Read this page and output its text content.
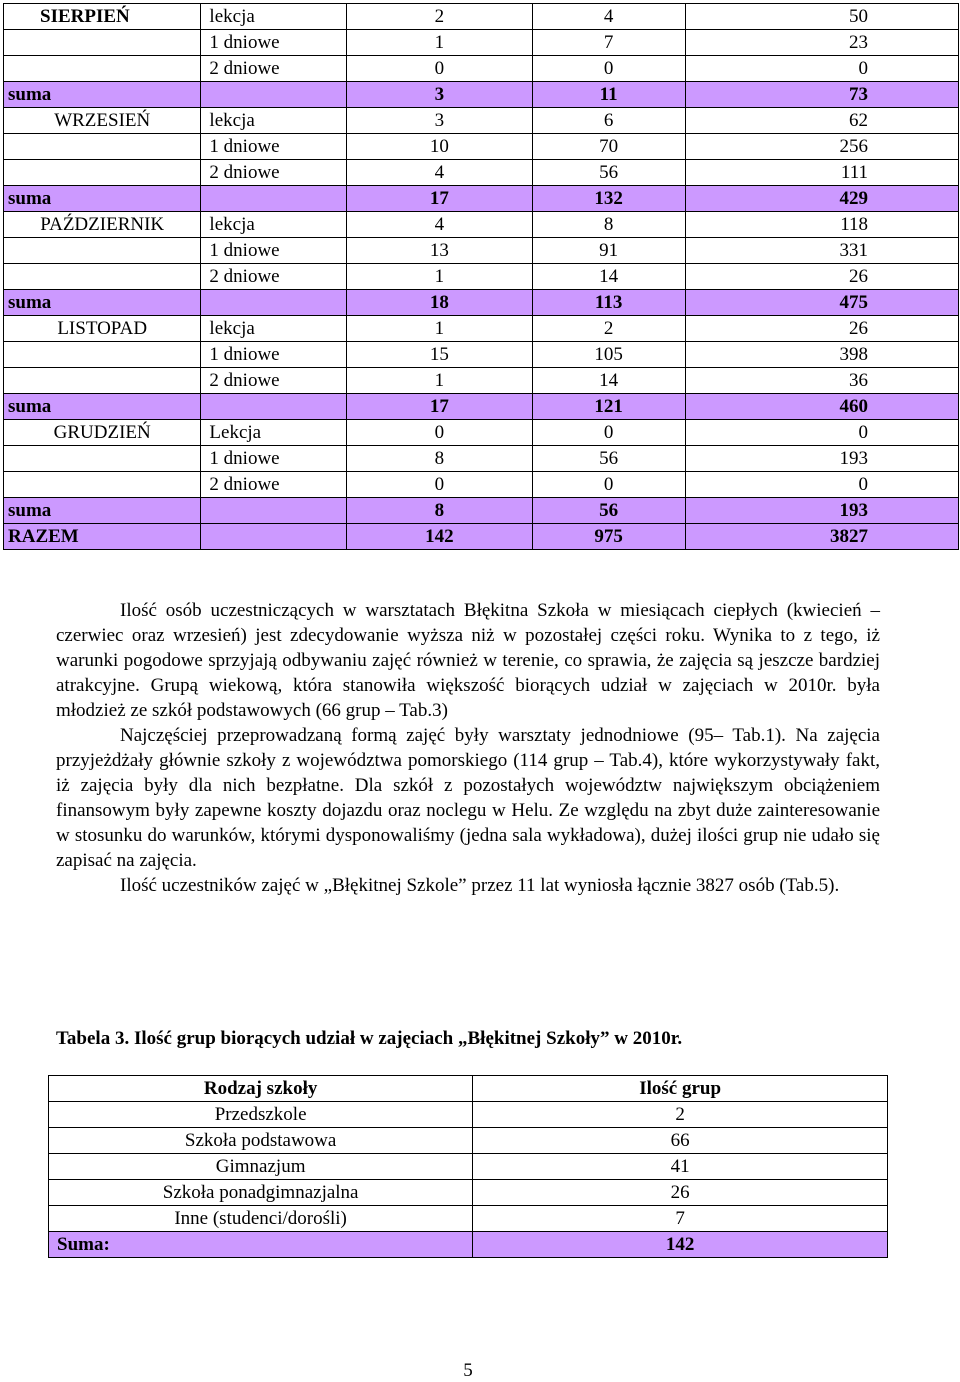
SIERPIEŃ	lekcja	2	4	50
	1 dniowe	1	7	23
	2 dniowe	0	0	0
suma		3	11	73
WRZESIEŃ	lekcja	3	6	62
	1 dniowe	10	70	256
	2 dniowe	4	56	111
suma		17	132	429
PAŹDZIERNIK	lekcja	4	8	118
	1 dniowe	13	91	331
	2 dniowe	1	14	26
suma		18	113	475
LISTOPAD	lekcja	1	2	26
	1 dniowe	15	105	398
	2 dniowe	1	14	36
suma		17	121	460
GRUDZIEŃ	Lekcja	0	0	0
	1 dniowe	8	56	193
	2 dniowe	0	0	0
suma		8	56	193
RAZEM		142	975	3827

Ilość osób uczestniczących w warsztatach Błękitna Szkoła w miesiącach ciepłych (kwiecień – czerwiec oraz wrzesień) jest zdecydowanie wyższa niż w pozostałej części roku. Wynika to z tego, iż warunki pogodowe sprzyjają odbywaniu zajęć również w terenie, co sprawia, że zajęcia są jeszcze bardziej atrakcyjne. Grupą wiekową, która stanowiła większość biorących udział w zajęciach w 2010r. była młodzież ze szkół podstawowych (66 grup – Tab.3)

Najczęściej przeprowadzaną formą zajęć były warsztaty jednodniowe (95– Tab.1). Na zajęcia przyjeżdżały głównie szkoły z województwa pomorskiego (114 grup – Tab.4), które wykorzystywały fakt, iż zajęcia były dla nich bezpłatne. Dla szkół z pozostałych województw największym obciążeniem finansowym były zapewne koszty dojazdu oraz noclegu w Helu. Ze względu na zbyt duże zainteresowanie w stosunku do warunków, którymi dysponowaliśmy (jedna sala wykładowa), dużej ilości grup nie udało się zapisać na zajęcia.

Ilość uczestników zajęć w „Błękitnej Szkole” przez 11 lat wyniosła łącznie 3827 osób (Tab.5).

Tabela 3. Ilość grup biorących udział w zajęciach „Błękitnej Szkoły” w 2010r.
Rodzaj szkoły	Ilość grup
Przedszkole	2
Szkoła podstawowa	66
Gimnazjum	41
Szkoła ponadgimnazjalna	26
Inne (studenci/dorośli)	7
Suma:	142
5
